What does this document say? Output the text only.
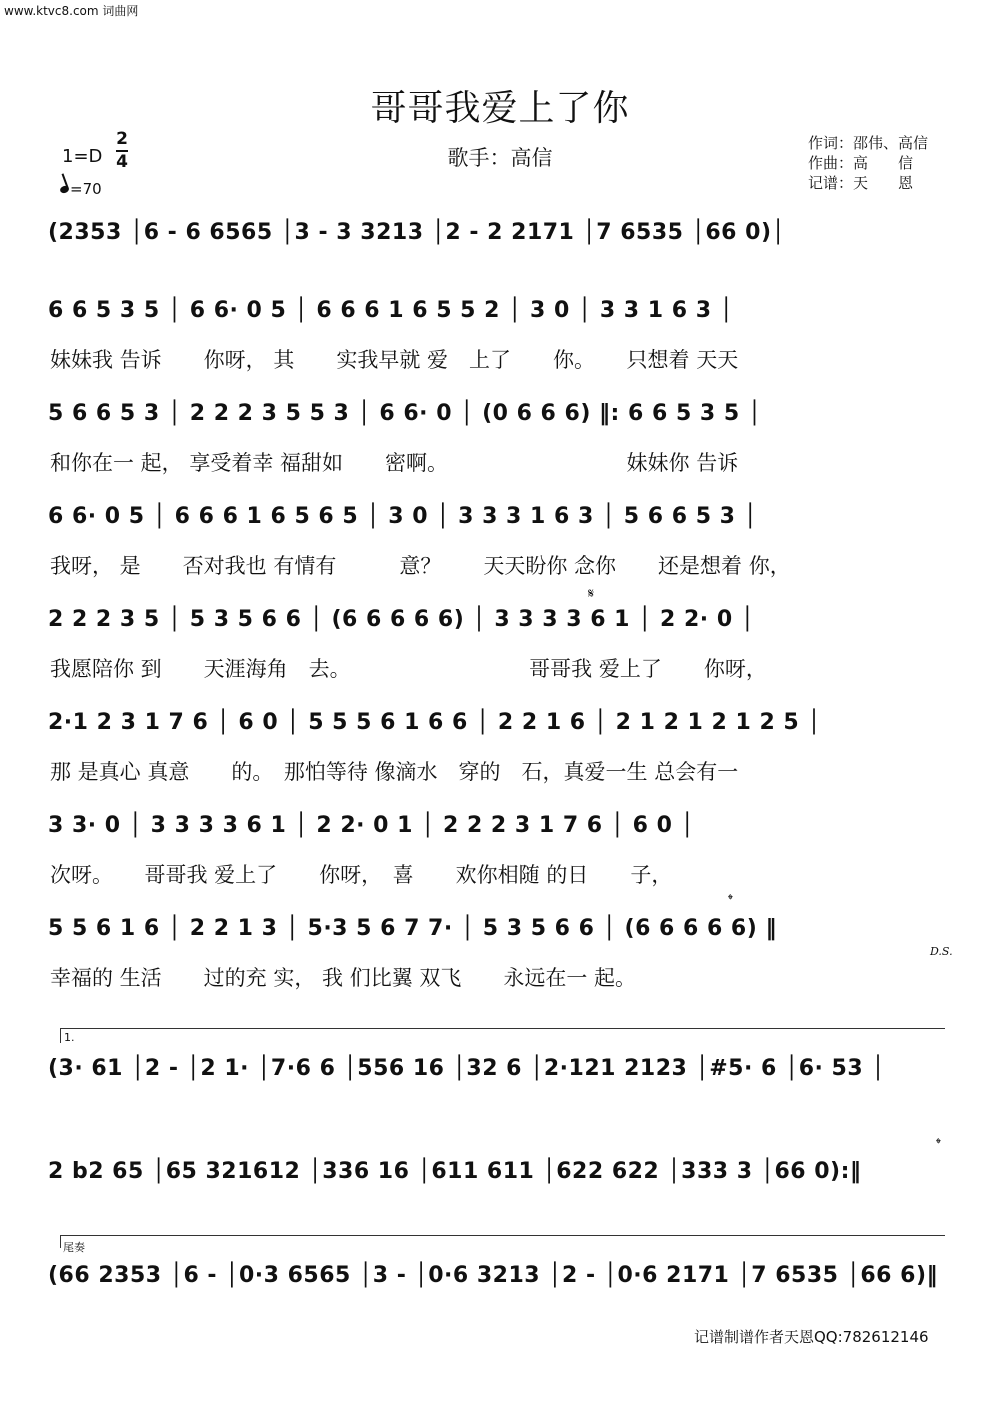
www.ktvc8.com 词曲网
哥哥我爱上了你
歌手：高信
作词：邵伟、高信
作曲：高　　信
记谱：天　　恩
1=D
2
4
=70
(2353 │6 - 6 6565 │3 - 3 3213 │2 - 2 2171 │7 6535 │66 0)│
6 6 5 3 5 │ 6 6· 0 5 │ 6 6 6 1 6 5 5 2 │ 3 0 │ 3 3 1 6 3 │
妹妹我 告诉　　你呀， 其　　实我早就 爱　上了　　你。　　只想着 天天
5 6 6 5 3 │ 2 2 2 3 5 5 3 │ 6 6· 0 │ (0 6 6 6) ‖: 6 6 5 3 5 │
和你在一 起， 享受着幸 福甜如　　密啊。　　　　　　　　　妹妹你 告诉
6 6· 0 5 │ 6 6 6 1 6 5 6 5 │ 3 0 │ 3 3 3 1 6 3 │ 5 6 6 5 3 │
我呀， 是　　否对我也 有情有　　　意？　　天天盼你 念你　　还是想着 你，
𝄋
2 2 2 3 5 │ 5 3 5 6 6 │ (6 6 6 6 6) │ 3 3 3 3 6 1 │ 2 2· 0 │
我愿陪你 到　　天涯海角　去。　　　　　　　　　哥哥我 爱上了　　你呀，
2·1 2 3 1 7 6 │ 6 0 │ 5 5 5 6 1 6 6 │ 2 2 1 6 │ 2 1 2 1 2 1 2 5 │
那 是真心 真意　　的。　那怕等待 像滴水　穿的　石，真爱一生 总会有一
3 3· 0 │ 3 3 3 3 6 1 │ 2 2· 0 1 │ 2 2 2 3 1 7 6 │ 6 0 │
次呀。　　哥哥我 爱上了　　你呀，　喜　　欢你相随 的日　　子，
𝄌
5 5 6 1 6 │ 2 2 1 3 │ 5·3 5 6 7 7· │ 5 3 5 6 6 │ (6 6 6 6 6) ‖
幸福的 生活　　过的充 实， 我 们比翼 双飞　　永远在一 起。
D.S.
1.
(3· 61 │2 - │2 1· │7·6 6 │556 16 │32 6 │2·121 2123 │#5· 6 │6· 53 │
𝄌
2 b2 65 │65 321612 │336 16 │611 611 │622 622 │333 3 │66 0):‖
尾奏
(66 2353 │6 - │0·3 6565 │3 - │0·6 3213 │2 - │0·6 2171 │7 6535 │66 6)‖
记谱制谱作者天恩QQ:782612146
